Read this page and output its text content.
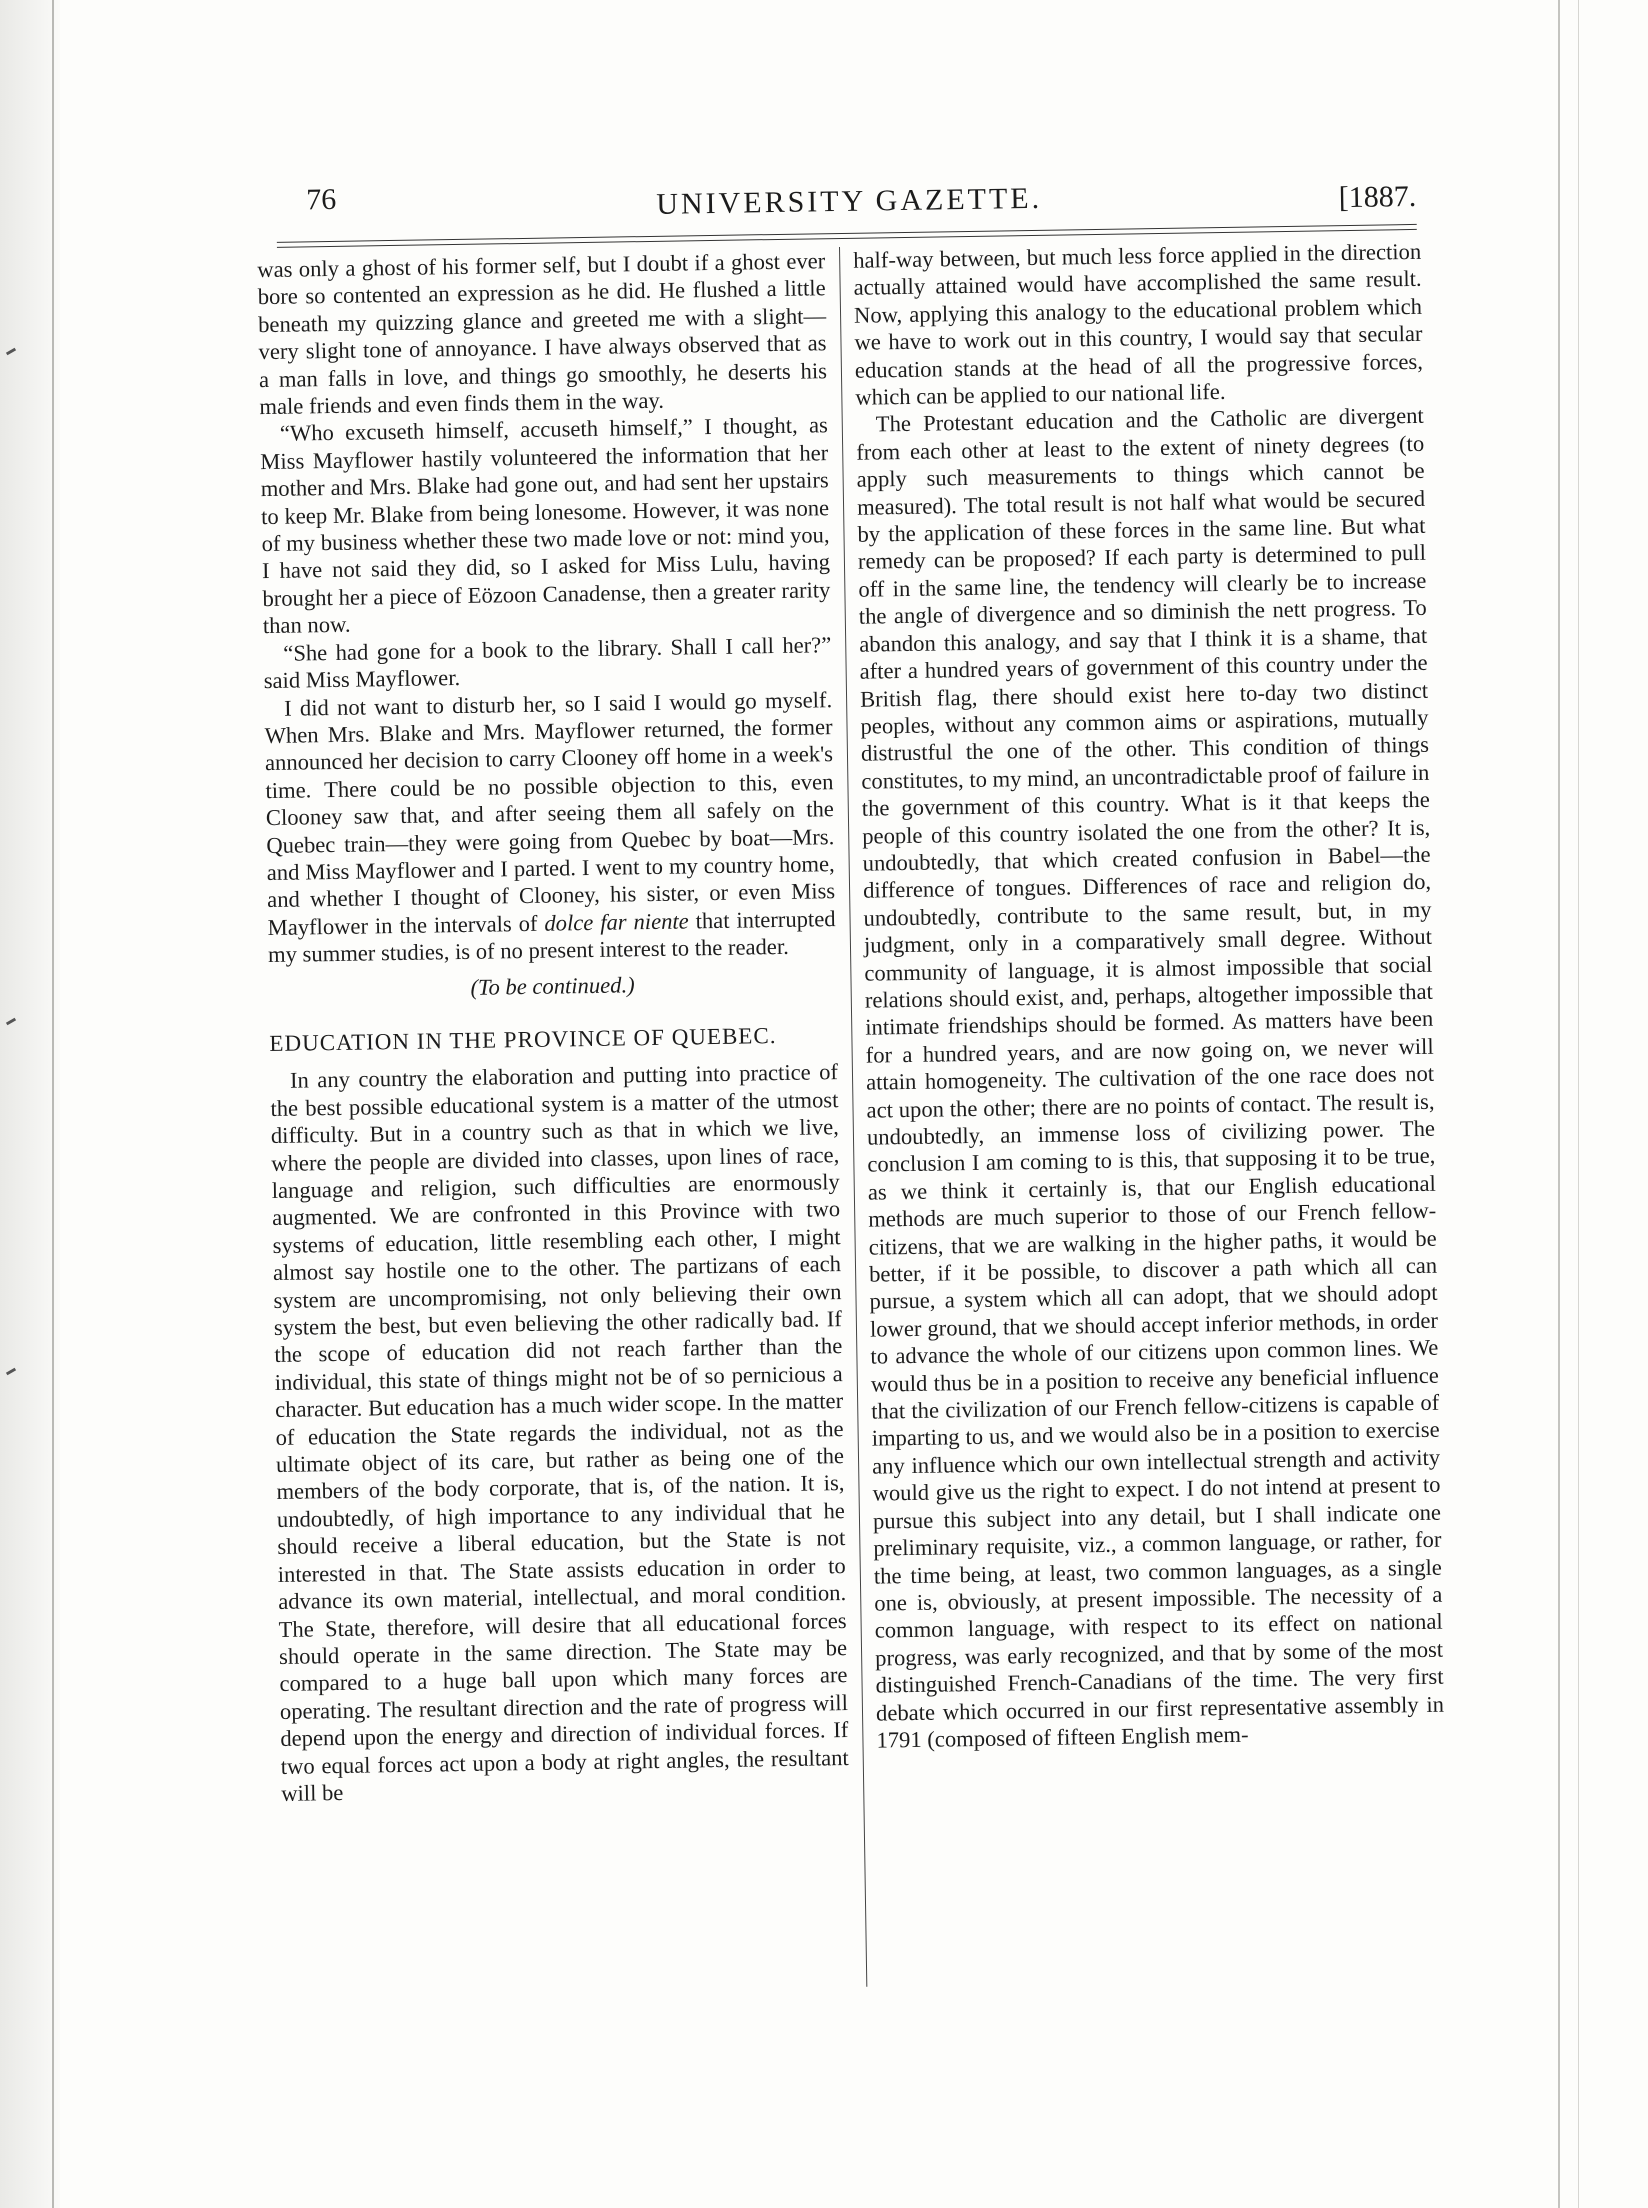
76	UNIVERSITY GAZETTE.	[1887.

was only a ghost of his former self, but I doubt if a ghost ever bore so contented an expression as he did. He flushed a little beneath my quizzing glance and greeted me with a slight—very slight tone of annoyance. I have always observed that as a man falls in love, and things go smoothly, he deserts his male friends and even finds them in the way.

“Who excuseth himself, accuseth himself,” I thought, as Miss Mayflower hastily volunteered the information that her mother and Mrs. Blake had gone out, and had sent her upstairs to keep Mr. Blake from being lonesome. However, it was none of my business whether these two made love or not: mind you, I have not said they did, so I asked for Miss Lulu, having brought her a piece of Eözoon Canadense, then a greater rarity than now.

“She had gone for a book to the library. Shall I call her?” said Miss Mayflower.

I did not want to disturb her, so I said I would go myself. When Mrs. Blake and Mrs. Mayflower returned, the former announced her decision to carry Clooney off home in a week's time. There could be no possible objection to this, even Clooney saw that, and after seeing them all safely on the Quebec train—they were going from Quebec by boat—Mrs. and Miss Mayflower and I parted. I went to my country home, and whether I thought of Clooney, his sister, or even Miss Mayflower in the intervals of dolce far niente that interrupted my summer studies, is of no present interest to the reader.

(To be continued.)

EDUCATION IN THE PROVINCE OF QUEBEC.

In any country the elaboration and putting into practice of the best possible educational system is a matter of the utmost difficulty. But in a country such as that in which we live, where the people are divided into classes, upon lines of race, language and religion, such difficulties are enormously augmented. We are confronted in this Province with two systems of education, little resembling each other, I might almost say hostile one to the other. The partizans of each system are uncompromising, not only believing their own system the best, but even believing the other radically bad. If the scope of education did not reach farther than the individual, this state of things might not be of so pernicious a character. But education has a much wider scope. In the matter of education the State regards the individual, not as the ultimate object of its care, but rather as being one of the members of the body corporate, that is, of the nation. It is, undoubtedly, of high importance to any individual that he should receive a liberal education, but the State is not interested in that. The State assists education in order to advance its own material, intellectual, and moral condition. The State, therefore, will desire that all educational forces should operate in the same direction. The State may be compared to a huge ball upon which many forces are operating. The resultant direction and the rate of progress will depend upon the energy and direction of individual forces. If two equal forces act upon a body at right angles, the resultant will be

half-way between, but much less force applied in the direction actually attained would have accomplished the same result. Now, applying this analogy to the educational problem which we have to work out in this country, I would say that secular education stands at the head of all the progressive forces, which can be applied to our national life.

The Protestant education and the Catholic are divergent from each other at least to the extent of ninety degrees (to apply such measurements to things which cannot be measured). The total result is not half what would be secured by the application of these forces in the same line. But what remedy can be proposed? If each party is determined to pull off in the same line, the tendency will clearly be to increase the angle of divergence and so diminish the nett progress. To abandon this analogy, and say that I think it is a shame, that after a hundred years of government of this country under the British flag, there should exist here to-day two distinct peoples, without any common aims or aspirations, mutually distrustful the one of the other. This condition of things constitutes, to my mind, an uncontradictable proof of failure in the government of this country. What is it that keeps the people of this country isolated the one from the other? It is, undoubtedly, that which created confusion in Babel—the difference of tongues. Differences of race and religion do, undoubtedly, contribute to the same result, but, in my judgment, only in a comparatively small degree. Without community of language, it is almost impossible that social relations should exist, and, perhaps, altogether impossible that intimate friendships should be formed. As matters have been for a hundred years, and are now going on, we never will attain homogeneity. The cultivation of the one race does not act upon the other; there are no points of contact. The result is, undoubtedly, an immense loss of civilizing power. The conclusion I am coming to is this, that supposing it to be true, as we think it certainly is, that our English educational methods are much superior to those of our French fellow-citizens, that we are walking in the higher paths, it would be better, if it be possible, to discover a path which all can pursue, a system which all can adopt, that we should adopt lower ground, that we should accept inferior methods, in order to advance the whole of our citizens upon common lines. We would thus be in a position to receive any beneficial influence that the civilization of our French fellow-citizens is capable of imparting to us, and we would also be in a position to exercise any influence which our own intellectual strength and activity would give us the right to expect. I do not intend at present to pursue this subject into any detail, but I shall indicate one preliminary requisite, viz., a common language, or rather, for the time being, at least, two common languages, as a single one is, obviously, at present impossible. The necessity of a common language, with respect to its effect on national progress, was early recognized, and that by some of the most distinguished French-Canadians of the time. The very first debate which occurred in our first representative assembly in 1791 (composed of fifteen English mem-
